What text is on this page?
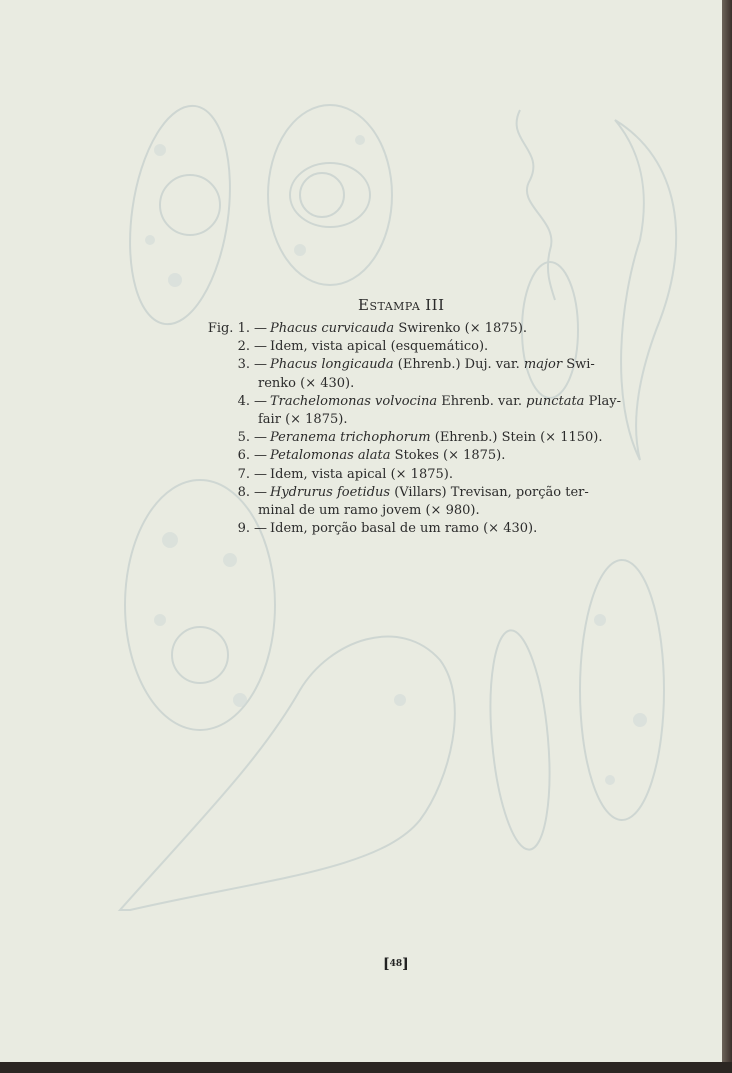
ESTAMPA III
Fig. 1. — Phacus curvicauda Swirenko (× 1875).
2. — Idem, vista apical (esquemático).
3. — Phacus longicauda (Ehrenb.) Duj. var. major Swi-
renko (× 430).
4. — Trachelomonas volvocina Ehrenb. var. punctata Play-
fair (× 1875).
5. — Peranema trichophorum (Ehrenb.) Stein (× 1150).
6. — Petalomonas alata Stokes (× 1875).
7. — Idem, vista apical (× 1875).
8. — Hydrurus foetidus (Villars) Trevisan, porção ter-
minal de um ramo jovem (× 980).
9. — Idem, porção basal de um ramo (× 430).
[48]
